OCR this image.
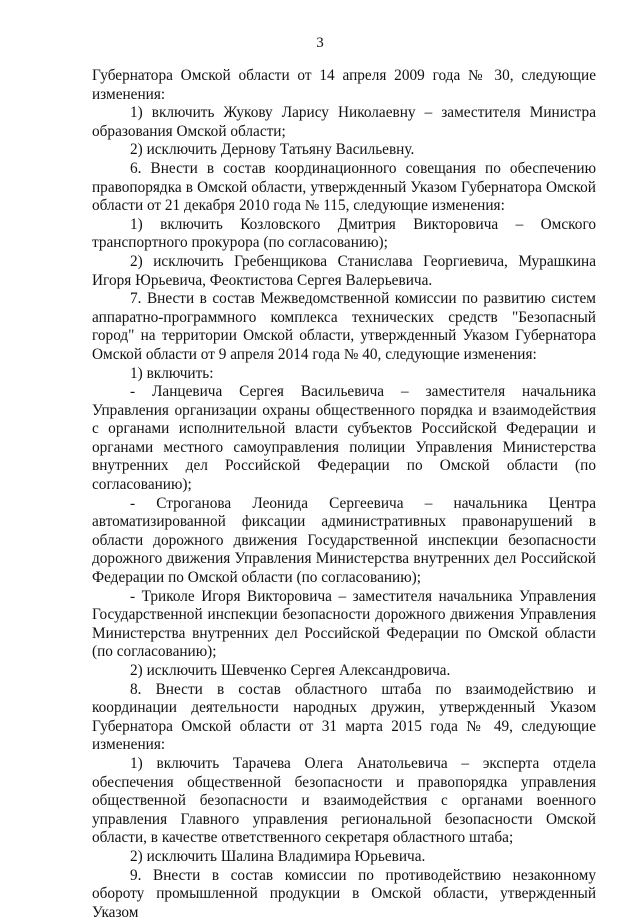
3

Губернатора Омской области от 14 апреля 2009 года № 30, следующие изменения:

1) включить Жукову Ларису Николаевну – заместителя Министра образования Омской области;

2) исключить Дернову Татьяну Васильевну.

6. Внести в состав координационного совещания по обеспечению правопорядка в Омской области, утвержденный Указом Губернатора Омской области от 21 декабря 2010 года № 115, следующие изменения:

1) включить Козловского Дмитрия Викторовича – Омского транспортного прокурора (по согласованию);

2) исключить Гребенщикова Станислава Георгиевича, Мурашкина Игоря Юрьевича, Феоктистова Сергея Валерьевича.

7. Внести в состав Межведомственной комиссии по развитию систем аппаратно-программного комплекса технических средств "Безопасный город" на территории Омской области, утвержденный Указом Губернатора Омской области от 9 апреля 2014 года № 40, следующие изменения:

1) включить:

- Ланцевича Сергея Васильевича – заместителя начальника Управления организации охраны общественного порядка и взаимодействия с органами исполнительной власти субъектов Российской Федерации и органами местного самоуправления полиции Управления Министерства внутренних дел Российской Федерации по Омской области (по согласованию);

- Строганова Леонида Сергеевича – начальника Центра автоматизированной фиксации административных правонарушений в области дорожного движения Государственной инспекции безопасности дорожного движения Управления Министерства внутренних дел Российской Федерации по Омской области (по согласованию);

- Триколе Игоря Викторовича – заместителя начальника Управления Государственной инспекции безопасности дорожного движения Управления Министерства внутренних дел Российской Федерации по Омской области (по согласованию);

2) исключить Шевченко Сергея Александровича.

8. Внести в состав областного штаба по взаимодействию и координации деятельности народных дружин, утвержденный Указом Губернатора Омской области от 31 марта 2015 года № 49, следующие изменения:

1) включить Тарачева Олега Анатольевича – эксперта отдела обеспечения общественной безопасности и правопорядка управления общественной безопасности и взаимодействия с органами военного управления Главного управления региональной безопасности Омской области, в качестве ответственного секретаря областного штаба;

2) исключить Шалина Владимира Юрьевича.

9. Внести в состав комиссии по противодействию незаконному обороту промышленной продукции в Омской области, утвержденный Указом
